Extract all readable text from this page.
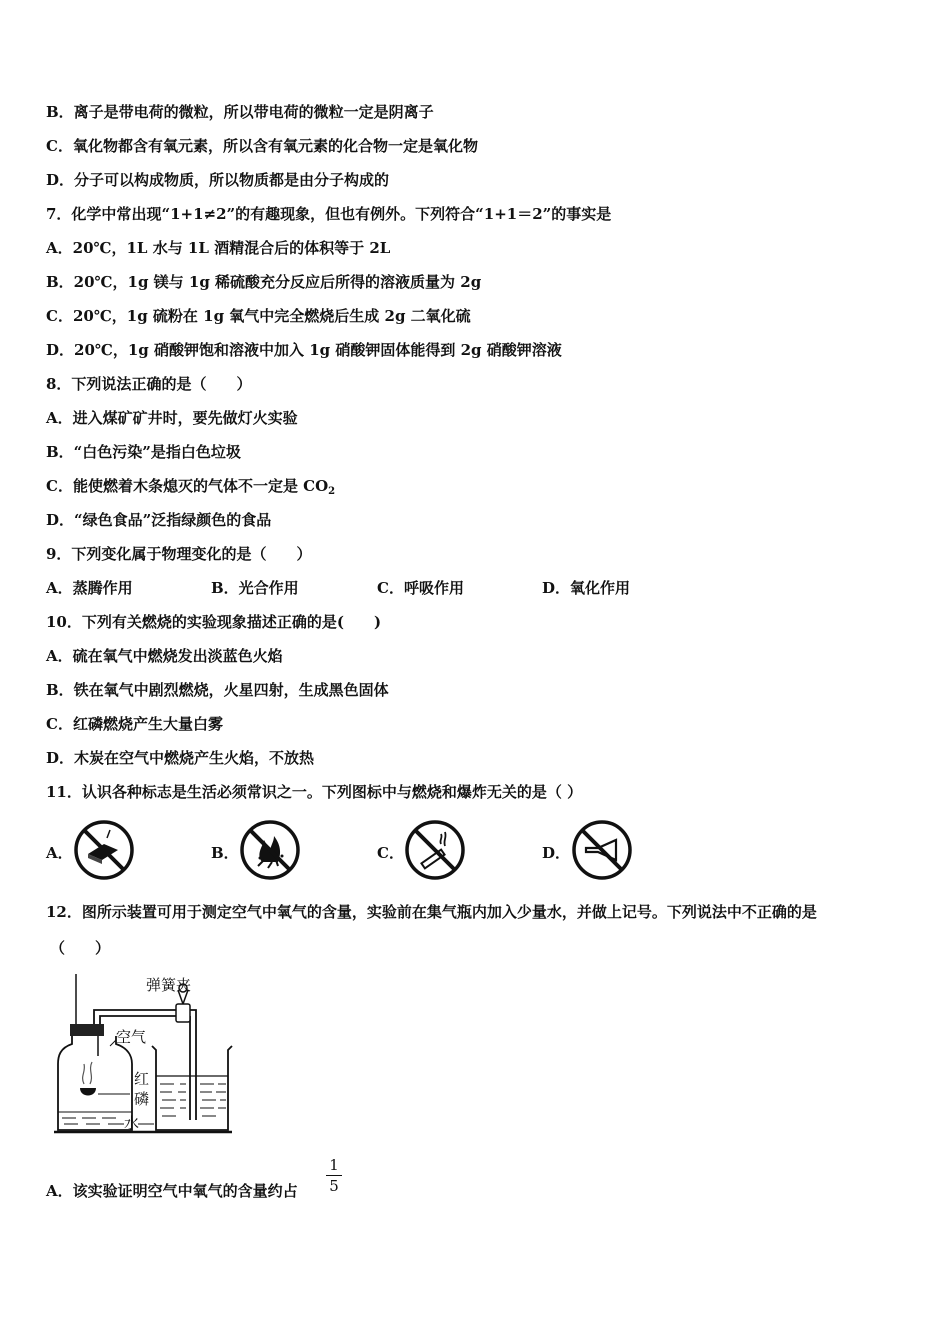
B．离子是带电荷的微粒，所以带电荷的微粒一定是阴离子
C．氧化物都含有氧元素，所以含有氧元素的化合物一定是氧化物
D．分子可以构成物质，所以物质都是由分子构成的
7．化学中常出现“1+1≠2”的有趣现象，但也有例外。下列符合“1+1＝2”的事实是
A．20℃，1L 水与 1L 酒精混合后的体积等于 2L
B．20℃，1g 镁与 1g 稀硫酸充分反应后所得的溶液质量为 2g
C．20℃，1g 硫粉在 1g 氧气中完全燃烧后生成 2g 二氧化硫
D．20℃，1g 硝酸钾饱和溶液中加入 1g 硝酸钾固体能得到 2g 硝酸钾溶液
8．下列说法正确的是（　　）
A．进入煤矿矿井时，要先做灯火实验
B．“白色污染”是指白色垃圾
C．能使燃着木条熄灭的气体不一定是 $CO_2$
D．“绿色食品”泛指绿颜色的食品
9．下列变化属于物理变化的是（　　）
A．蒸腾作用	B．光合作用	C．呼吸作用	D．氧化作用
10．下列有关燃烧的实验现象描述正确的是(　　)
A．硫在氧气中燃烧发出淡蓝色火焰
B．铁在氧气中剧烈燃烧，火星四射，生成黑色固体
C．红磷燃烧产生大量白雾
D．木炭在空气中燃烧产生火焰，不放热
11．认识各种标志是生活必须常识之一。下列图标中与燃烧和爆炸无关的是（ ）
A．	B．	C．	D．
12．图所示装置可用于测定空气中氧气的含量，实验前在集气瓶内加入少量水，并做上记号。下列说法中不正确的是
（　　）
弹簧夹
空气
红
磷
水
A．该实验证明空气中氧气的含量约占
1
5
